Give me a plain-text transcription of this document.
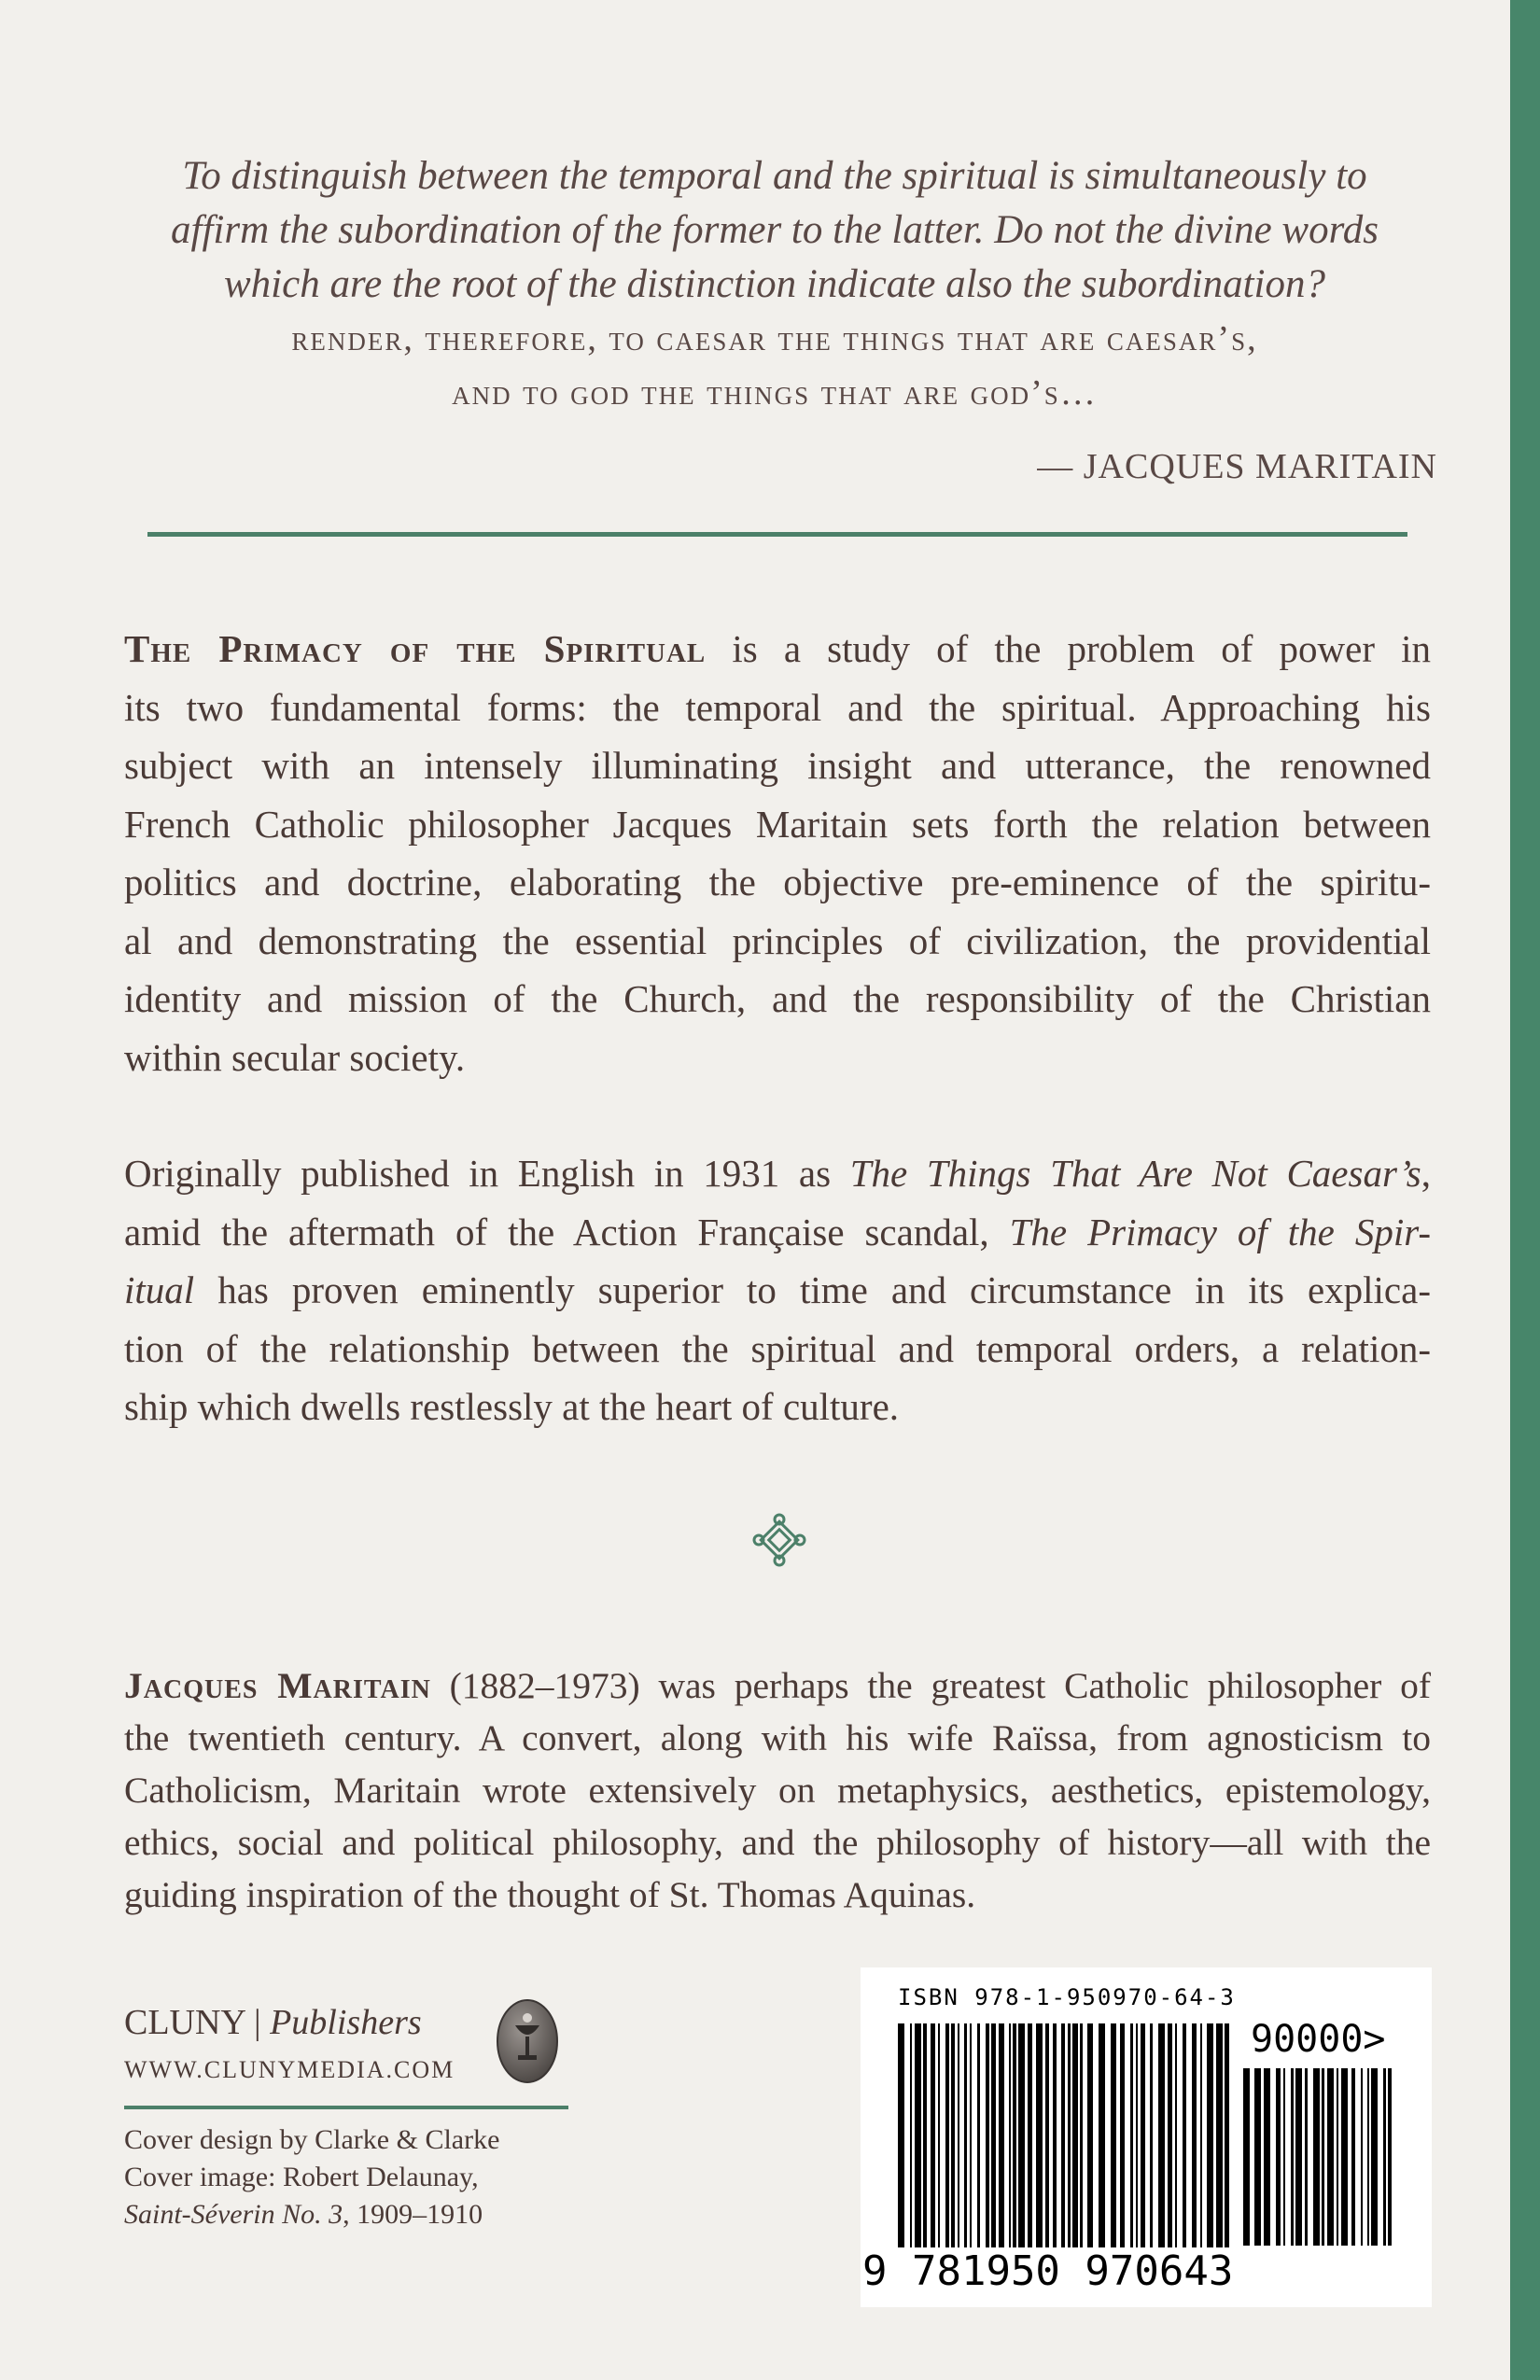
To distinguish between the temporal and the spiritual is simultaneously to
affirm the subordination of the former to the latter. Do not the divine words
which are the root of the distinction indicate also the subordination?
render, therefore, to caesar the things that are caesar’s,
and to god the things that are god’s…
— JACQUES MARITAIN
The Primacy of the Spiritual is a study of the problem of power in
its two fundamental forms: the temporal and the spiritual. Approaching his
subject with an intensely illuminating insight and utterance, the renowned
French Catholic philosopher Jacques Maritain sets forth the relation between
politics and doctrine, elaborating the objective pre-eminence of the spiritu-
al and demonstrating the essential principles of civilization, the providential
identity and mission of the Church, and the responsibility of the Christian
within secular society.
Originally published in English in 1931 as The Things That Are Not Caesar’s,
amid the aftermath of the Action Française scandal, The Primacy of the Spir-
itual has proven eminently superior to time and circumstance in its explica-
tion of the relationship between the spiritual and temporal orders, a relation-
ship which dwells restlessly at the heart of culture.
Jacques Maritain (1882–1973) was perhaps the greatest Catholic philosopher of
the twentieth century. A convert, along with his wife Raïssa, from agnosticism to
Catholicism, Maritain wrote extensively on metaphysics, aesthetics, epistemology,
ethics, social and political philosophy, and the philosophy of history—all with the
guiding inspiration of the thought of St. Thomas Aquinas.
CLUNY | Publishers
WWW.CLUNYMEDIA.COM
Cover design by Clarke & Clarke
Cover image: Robert Delaunay,
Saint-Séverin No. 3, 1909–1910
ISBN 978-1-950970-64-3
90000>
9 781950 970643
